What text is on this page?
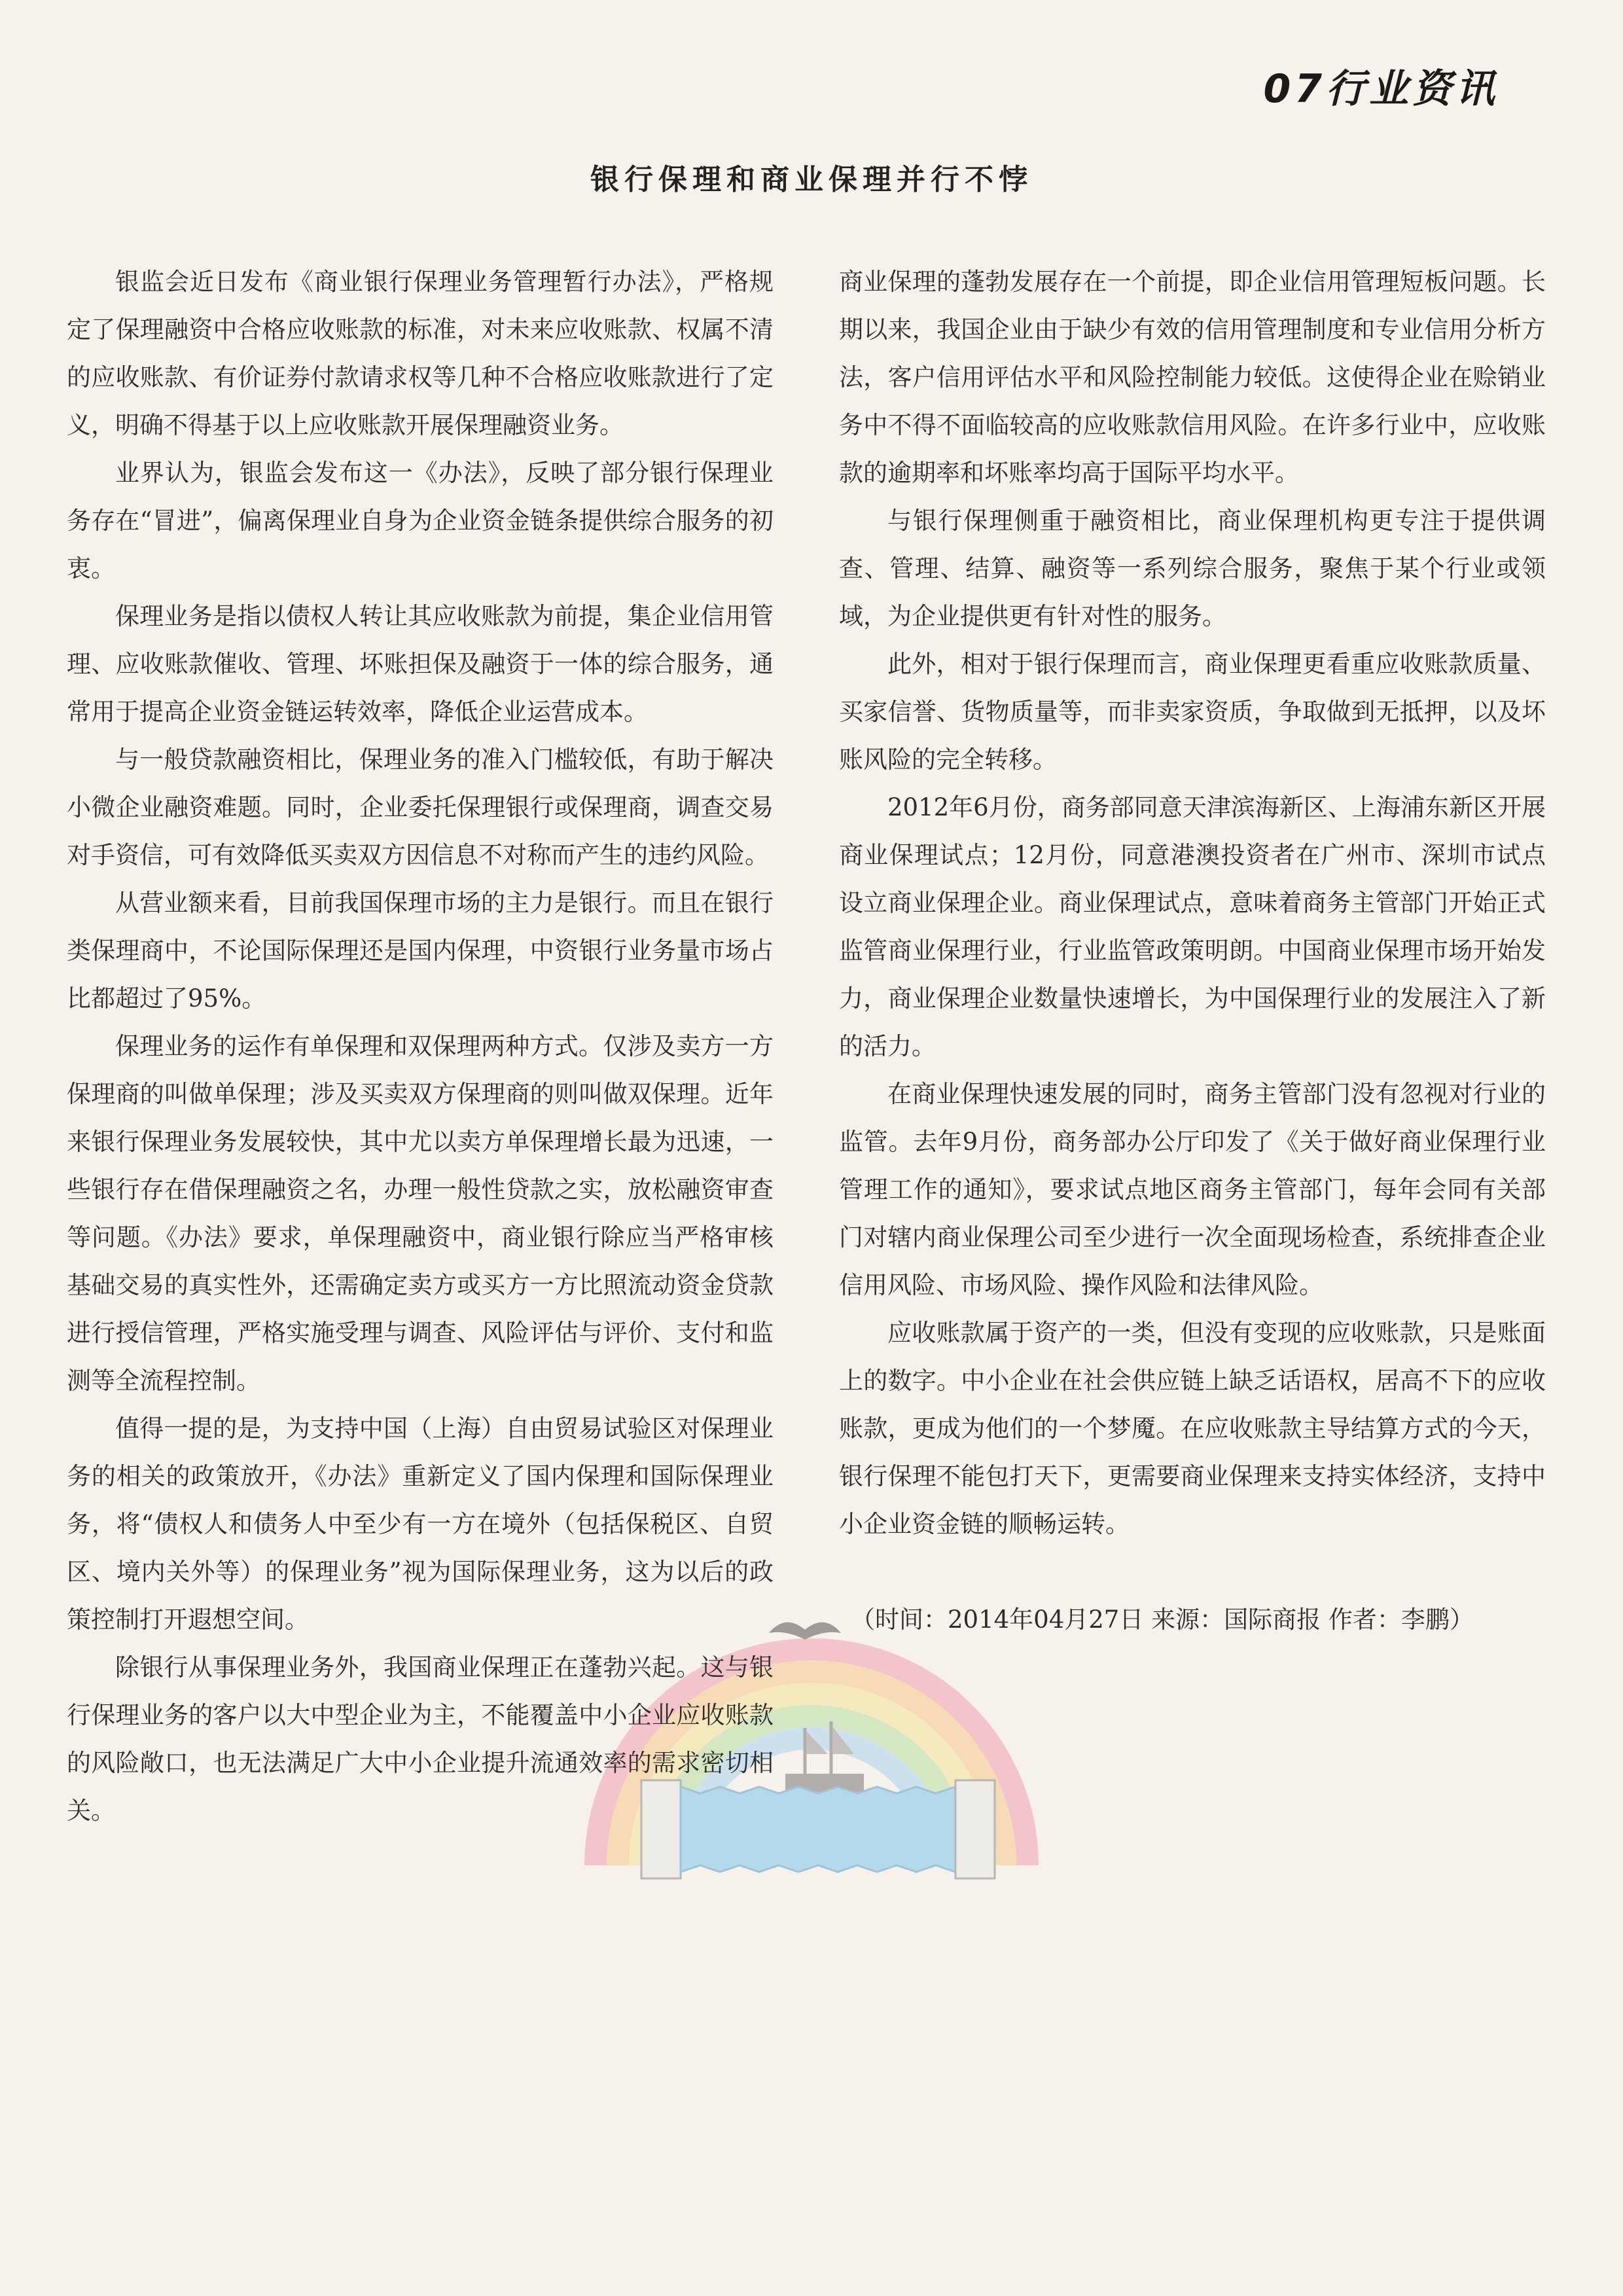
07行业资讯
银行保理和商业保理并行不悖

银监会近日发布《商业银行保理业务管理暂行办法》，严格规定了保理融资中合格应收账款的标准，对未来应收账款、权属不清的应收账款、有价证券付款请求权等几种不合格应收账款进行了定义，明确不得基于以上应收账款开展保理融资业务。

业界认为，银监会发布这一《办法》，反映了部分银行保理业务存在“冒进”，偏离保理业自身为企业资金链条提供综合服务的初衷。

保理业务是指以债权人转让其应收账款为前提，集企业信用管理、应收账款催收、管理、坏账担保及融资于一体的综合服务，通常用于提高企业资金链运转效率，降低企业运营成本。

与一般贷款融资相比，保理业务的准入门槛较低，有助于解决小微企业融资难题。同时，企业委托保理银行或保理商，调查交易对手资信，可有效降低买卖双方因信息不对称而产生的违约风险。

从营业额来看，目前我国保理市场的主力是银行。而且在银行类保理商中，不论国际保理还是国内保理，中资银行业务量市场占比都超过了95%。

保理业务的运作有单保理和双保理两种方式。仅涉及卖方一方保理商的叫做单保理；涉及买卖双方保理商的则叫做双保理。近年来银行保理业务发展较快，其中尤以卖方单保理增长最为迅速，一些银行存在借保理融资之名，办理一般性贷款之实，放松融资审查等问题。《办法》要求，单保理融资中，商业银行除应当严格审核基础交易的真实性外，还需确定卖方或买方一方比照流动资金贷款进行授信管理，严格实施受理与调查、风险评估与评价、支付和监测等全流程控制。

值得一提的是，为支持中国（上海）自由贸易试验区对保理业务的相关的政策放开，《办法》重新定义了国内保理和国际保理业务，将“债权人和债务人中至少有一方在境外（包括保税区、自贸区、境内关外等）的保理业务”视为国际保理业务，这为以后的政策控制打开遐想空间。

除银行从事保理业务外，我国商业保理正在蓬勃兴起。这与银行保理业务的客户以大中型企业为主，不能覆盖中小企业应收账款的风险敞口，也无法满足广大中小企业提升流通效率的需求密切相关。

商业保理的蓬勃发展存在一个前提，即企业信用管理短板问题。长期以来，我国企业由于缺少有效的信用管理制度和专业信用分析方法，客户信用评估水平和风险控制能力较低。这使得企业在赊销业务中不得不面临较高的应收账款信用风险。在许多行业中，应收账款的逾期率和坏账率均高于国际平均水平。

与银行保理侧重于融资相比，商业保理机构更专注于提供调查、管理、结算、融资等一系列综合服务，聚焦于某个行业或领域，为企业提供更有针对性的服务。

此外，相对于银行保理而言，商业保理更看重应收账款质量、买家信誉、货物质量等，而非卖家资质，争取做到无抵押，以及坏账风险的完全转移。

2012年6月份，商务部同意天津滨海新区、上海浦东新区开展商业保理试点；12月份，同意港澳投资者在广州市、深圳市试点设立商业保理企业。商业保理试点，意味着商务主管部门开始正式监管商业保理行业，行业监管政策明朗。中国商业保理市场开始发力，商业保理企业数量快速增长，为中国保理行业的发展注入了新的活力。

在商业保理快速发展的同时，商务主管部门没有忽视对行业的监管。去年9月份，商务部办公厅印发了《关于做好商业保理行业管理工作的通知》，要求试点地区商务主管部门，每年会同有关部门对辖内商业保理公司至少进行一次全面现场检查，系统排查企业信用风险、市场风险、操作风险和法律风险。

应收账款属于资产的一类，但没有变现的应收账款，只是账面上的数字。中小企业在社会供应链上缺乏话语权，居高不下的应收账款，更成为他们的一个梦魇。在应收账款主导结算方式的今天，银行保理不能包打天下，更需要商业保理来支持实体经济，支持中小企业资金链的顺畅运转。

（时间：2014年04月27日 来源：国际商报 作者：李鹏）
